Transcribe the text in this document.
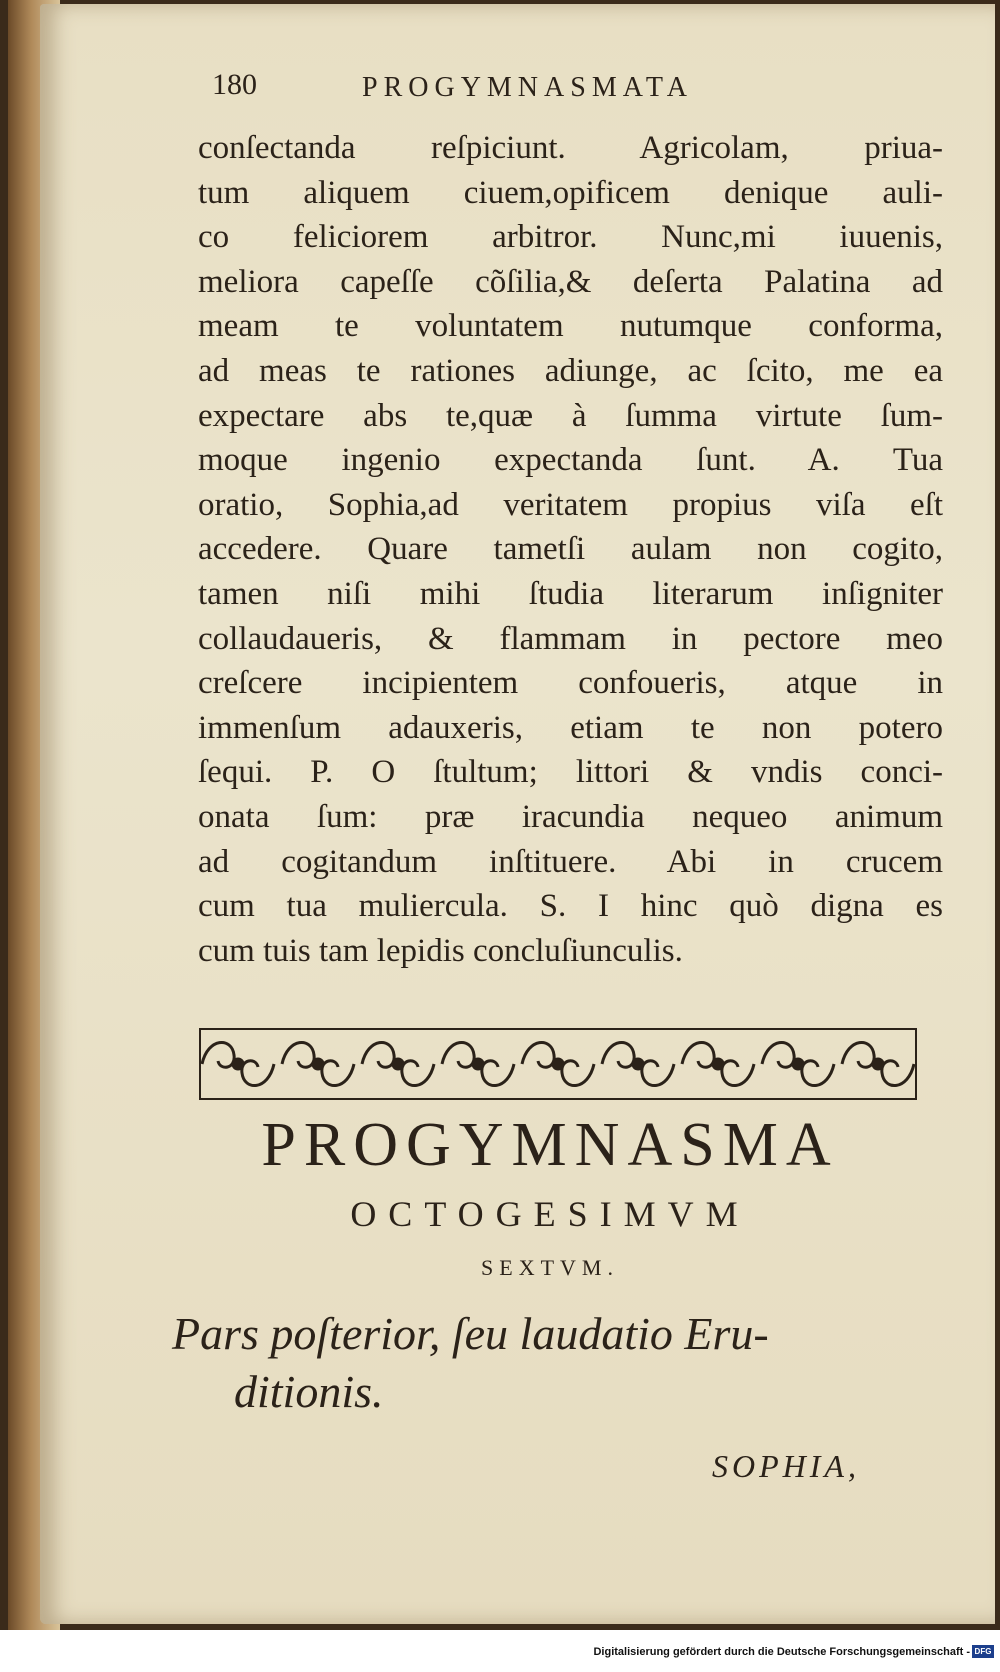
180	PROGYMNASMATA
conſectanda reſpiciunt. Agricolam, priua-
tum aliquem ciuem,opificem denique auli-
co feliciorem arbitror. Nunc,mi iuuenis,
meliora capeſſe cõſilia,& deſerta Palatina ad
meam te voluntatem nutumque conforma,
ad meas te rationes adiunge, ac ſcito, me ea
expectare abs te,quæ à ſumma virtute ſum-
moque ingenio expectanda ſunt. A. Tua
oratio, Sophia,ad veritatem propius viſa eſt
accedere. Quare tametſi aulam non cogito,
tamen niſi mihi ſtudia literarum inſigniter
collaudaueris, & flammam in pectore meo
creſcere incipientem confoueris, atque in
immenſum adauxeris, etiam te non potero
ſequi. P. O ſtultum; littori & vndis conci-
onata ſum: præ iracundia nequeo animum
ad cogitandum inſtituere. Abi in crucem
cum tua muliercula. S. I hinc quò digna es
cum tuis tam lepidis concluſiunculis.
PROGYMNASMA
OCTOGESIMVM
SEXTVM.
Pars poſterior, ſeu laudatio Eru-
ditionis.
SOPHIA,
Digitalisierung gefördert durch die Deutsche Forschungsgemeinschaft - DFG
